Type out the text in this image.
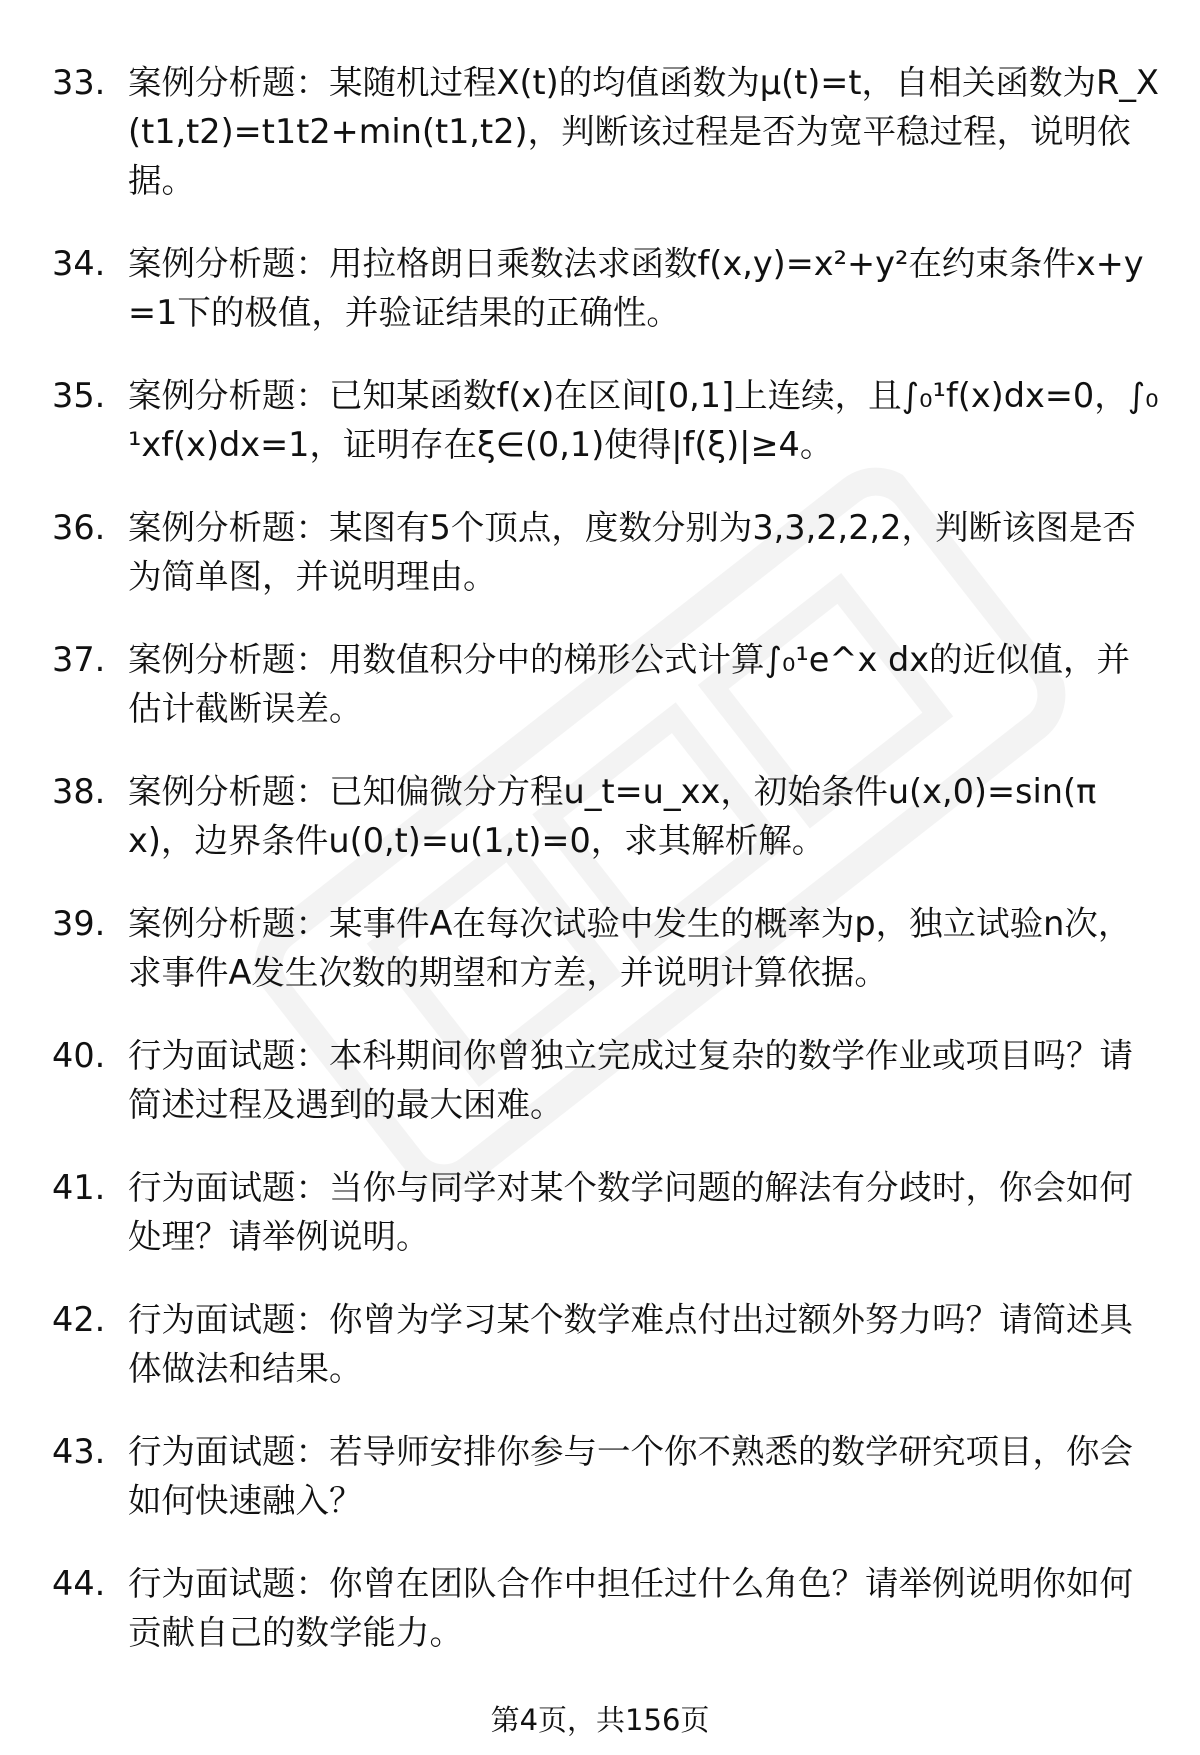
33. 案例分析题：某随机过程X(t)的均值函数为μ(t)=t，自相关函数为R_X(t1,t2)=t1t2+min(t1,t2)，判断该过程是否为宽平稳过程，说明依据。
34. 案例分析题：用拉格朗日乘数法求函数f(x,y)=x²+y²在约束条件x+y=1下的极值，并验证结果的正确性。
35. 案例分析题：已知某函数f(x)在区间[0,1]上连续，且∫₀¹f(x)dx=0，∫₀¹xf(x)dx=1，证明存在ξ∈(0,1)使得|f(ξ)|≥4。
36. 案例分析题：某图有5个顶点，度数分别为3,3,2,2,2，判断该图是否为简单图，并说明理由。
37. 案例分析题：用数值积分中的梯形公式计算∫₀¹e^x dx的近似值，并估计截断误差。
38. 案例分析题：已知偏微分方程u_t=u_xx，初始条件u(x,0)=sin(πx)，边界条件u(0,t)=u(1,t)=0，求其解析解。
39. 案例分析题：某事件A在每次试验中发生的概率为p，独立试验n次，求事件A发生次数的期望和方差，并说明计算依据。
40. 行为面试题：本科期间你曾独立完成过复杂的数学作业或项目吗？请简述过程及遇到的最大困难。
41. 行为面试题：当你与同学对某个数学问题的解法有分歧时，你会如何处理？请举例说明。
42. 行为面试题：你曾为学习某个数学难点付出过额外努力吗？请简述具体做法和结果。
43. 行为面试题：若导师安排你参与一个你不熟悉的数学研究项目，你会如何快速融入？
44. 行为面试题：你曾在团队合作中担任过什么角色？请举例说明你如何贡献自己的数学能力。
第4页，共156页
